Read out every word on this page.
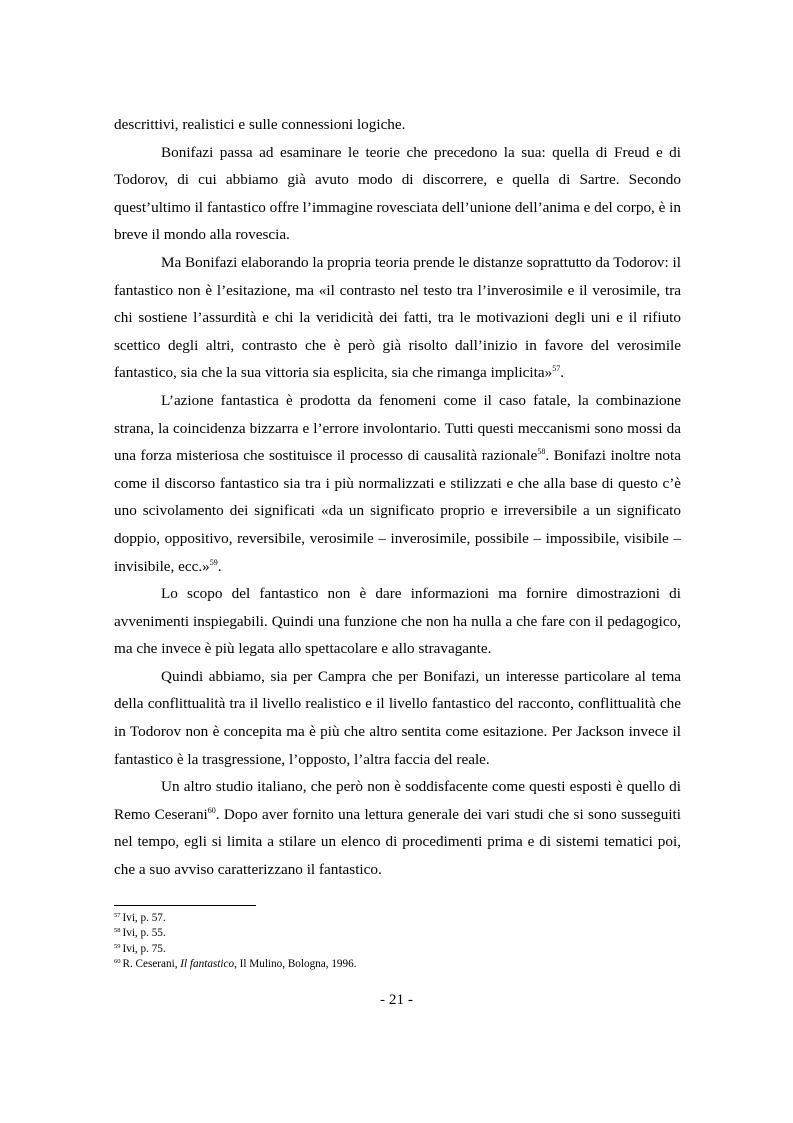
descrittivi, realistici e sulle connessioni logiche.

Bonifazi passa ad esaminare le teorie che precedono la sua: quella di Freud e di Todorov, di cui abbiamo già avuto modo di discorrere, e quella di Sartre. Secondo quest’ultimo il fantastico offre l’immagine rovesciata dell’unione dell’anima e del corpo, è in breve il mondo alla rovescia.

Ma Bonifazi elaborando la propria teoria prende le distanze soprattutto da Todorov: il fantastico non è l’esitazione, ma «il contrasto nel testo tra l’inverosimile e il verosimile, tra chi sostiene l’assurdità e chi la veridicità dei fatti, tra le motivazioni degli uni e il rifiuto scettico degli altri, contrasto che è però già risolto dall’inizio in favore del verosimile fantastico, sia che la sua vittoria sia esplicita, sia che rimanga implicita»$^{57}$.

L’azione fantastica è prodotta da fenomeni come il caso fatale, la combinazione strana, la coincidenza bizzarra e l’errore involontario. Tutti questi meccanismi sono mossi da una forza misteriosa che sostituisce il processo di causalità razionale$^{58}$. Bonifazi inoltre nota come il discorso fantastico sia tra i più normalizzati e stilizzati e che alla base di questo c’è uno scivolamento dei significati «da un significato proprio e irreversibile a un significato doppio, oppositivo, reversibile, verosimile – inverosimile, possibile – impossibile, visibile – invisibile, ecc.»$^{59}$.

Lo scopo del fantastico non è dare informazioni ma fornire dimostrazioni di avvenimenti inspiegabili. Quindi una funzione che non ha nulla a che fare con il pedagogico, ma che invece è più legata allo spettacolare e allo stravagante.

Quindi abbiamo, sia per Campra che per Bonifazi, un interesse particolare al tema della conflittualità tra il livello realistico e il livello fantastico del racconto, conflittualità che in Todorov non è concepita ma è più che altro sentita come esitazione. Per Jackson invece il fantastico è la trasgressione, l’opposto, l’altra faccia del reale.

Un altro studio italiano, che però non è soddisfacente come questi esposti è quello di Remo Ceserani$^{60}$. Dopo aver fornito una lettura generale dei vari studi che si sono susseguiti nel tempo, egli si limita a stilare un elenco di procedimenti prima e di sistemi tematici poi, che a suo avviso caratterizzano il fantastico.

$^{57}$ Ivi, p. 57.
$^{58}$ Ivi, p. 55.
$^{59}$ Ivi, p. 75.
$^{60}$ R. Ceserani, Il fantastico, Il Mulino, Bologna, 1996.
- 21 -
